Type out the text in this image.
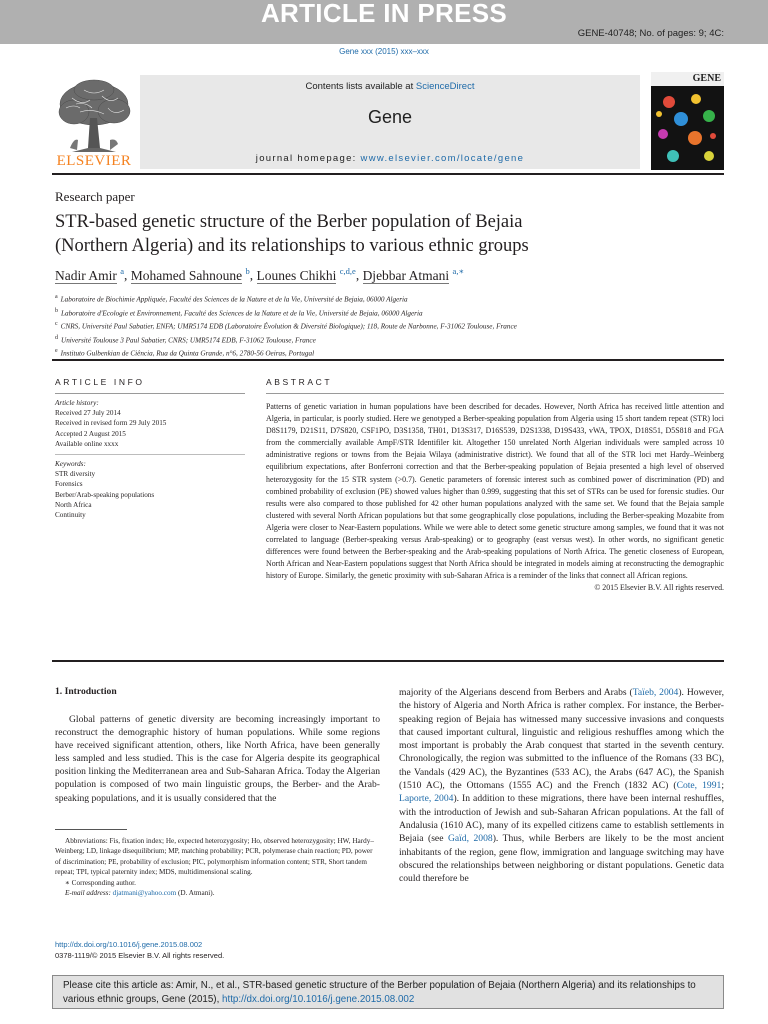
ARTICLE IN PRESS
GENE-40748; No. of pages: 9; 4C:
Gene xxx (2015) xxx–xxx
ELSEVIER
Contents lists available at ScienceDirect
Gene
journal homepage: www.elsevier.com/locate/gene
GENE
Research paper
STR-based genetic structure of the Berber population of Bejaia
(Northern Algeria) and its relationships to various ethnic groups
Nadir Amir $^a$, Mohamed Sahnoune $^b$, Lounes Chikhi $^{c,d,e}$, Djebbar Atmani $^{a,∗}$
$^a$ Laboratoire de Biochimie Appliquée, Faculté des Sciences de la Nature et de la Vie, Université de Bejaia, 06000 Algeria
$^b$ Laboratoire d'Ecologie et Environnement, Faculté des Sciences de la Nature et de la Vie, Université de Bejaia, 06000 Algeria
$^c$ CNRS, Université Paul Sabatier, ENFA; UMR5174 EDB (Laboratoire Évolution & Diversité Biologique); 118, Route de Narbonne, F-31062 Toulouse, France
$^d$ Université Toulouse 3 Paul Sabatier, CNRS; UMR5174 EDB, F-31062 Toulouse, France
$^e$ Instituto Gulbenkian de Ciência, Rua da Quinta Grande, n°6, 2780-56 Oeiras, Portugal
ARTICLE INFO	ABSTRACT
Article history:
Received 27 July 2014
Received in revised form 29 July 2015
Accepted 2 August 2015
Available online xxxx
Keywords:
STR diversity
Forensics
Berber/Arab-speaking populations
North Africa
Continuity
Patterns of genetic variation in human populations have been described for decades. However, North Africa has received little attention and Algeria, in particular, is poorly studied. Here we genotyped a Berber-speaking population from Algeria using 15 short tandem repeat (STR) loci D8S1179, D21S11, D7S820, CSF1PO, D3S1358, TH01, D13S317, D16S539, D2S1338, D19S433, vWA, TPOX, D18S51, D5S818 and FGA from the commercially available AmpF/STR Identifiler kit. Altogether 150 unrelated North Algerian individuals were sampled across 10 administrative regions or towns from the Bejaia Wilaya (administrative district). We found that all of the STR loci met Hardy–Weinberg equilibrium expectations, after Bonferroni correction and that the Berber-speaking population of Bejaia presented a high level of observed heterozygosity for the 15 STR system (>0.7). Genetic parameters of forensic interest such as combined power of discrimination (PD) and combined probability of exclusion (PE) showed values higher than 0.999, suggesting that this set of STRs can be used for forensic studies. Our results were also compared to those published for 42 other human populations analyzed with the same set. We found that the Bejaia sample clustered with several North African populations but that some geographically close populations, including the Berber-speaking Mozabite from Algeria were closer to Near-Eastern populations. While we were able to detect some genetic structure among samples, we found that it was not correlated to language (Berber-speaking versus Arab-speaking) or to geography (east versus west). In other words, no significant genetic differences were found between the Berber-speaking and the Arab-speaking populations of North Africa. The genetic closeness of European, North African and Near-Eastern populations suggest that North Africa should be integrated in models aiming at reconstructing the demographic history of Europe. Similarly, the genetic proximity with sub-Saharan Africa is a reminder of the links that connect all African regions.
© 2015 Elsevier B.V. All rights reserved.
1. Introduction
Global patterns of genetic diversity are becoming increasingly important to reconstruct the demographic history of human populations. While some regions have received significant attention, others, like North Africa, have been generally less sampled and less studied. This is the case for Algeria despite its geographical position linking the Mediterranean area and Sub-Saharan Africa. Today the Algerian population is composed of two main linguistic groups, the Berber- and the Arab-speaking populations, and it is usually considered that the
Abbreviations: Fis, fixation index; He, expected heterozygosity; Ho, observed heterozygosity; HW, Hardy–Weinberg; LD, linkage disequilibrium; MP, matching probability; PCR, polymerase chain reaction; PD, power of discrimination; PE, probability of exclusion; PIC, polymorphism information content; STR, Short tandem repeat; TPI, typical paternity index; MDS, multidimensional scaling.
∗ Corresponding author.
E-mail address: djatmani@yahoo.com (D. Atmani).
majority of the Algerians descend from Berbers and Arabs (Taïeb, 2004). However, the history of Algeria and North Africa is rather complex. For instance, the Berber-speaking region of Bejaia has witnessed many successive invasions and conquests that caused important cultural, linguistic and religious reshuffles among which the most important is probably the Arab conquest that started in the seventh century. Chronologically, the region was submitted to the influence of the Romans (33 BC), the Vandals (429 AC), the Byzantines (533 AC), the Arabs (647 AC), the Spanish (1510 AC), the Ottomans (1555 AC) and the French (1832 AC) (Cote, 1991; Laporte, 2004). In addition to these migrations, there have been internal reshuffles, with the introduction of Jewish and sub-Saharan African populations. At the fall of Andalusia (1610 AC), many of its expelled citizens came to establish settlements in Bejaia (see Gaïd, 2008). Thus, while Berbers are likely to be the most ancient inhabitants of the region, gene flow, immigration and language switching may have obscured the relationships between neighboring or distant populations. Genetic data could therefore be
http://dx.doi.org/10.1016/j.gene.2015.08.002
0378-1119/© 2015 Elsevier B.V. All rights reserved.
Please cite this article as: Amir, N., et al., STR-based genetic structure of the Berber population of Bejaia (Northern Algeria) and its relationships to various ethnic groups, Gene (2015), http://dx.doi.org/10.1016/j.gene.2015.08.002
